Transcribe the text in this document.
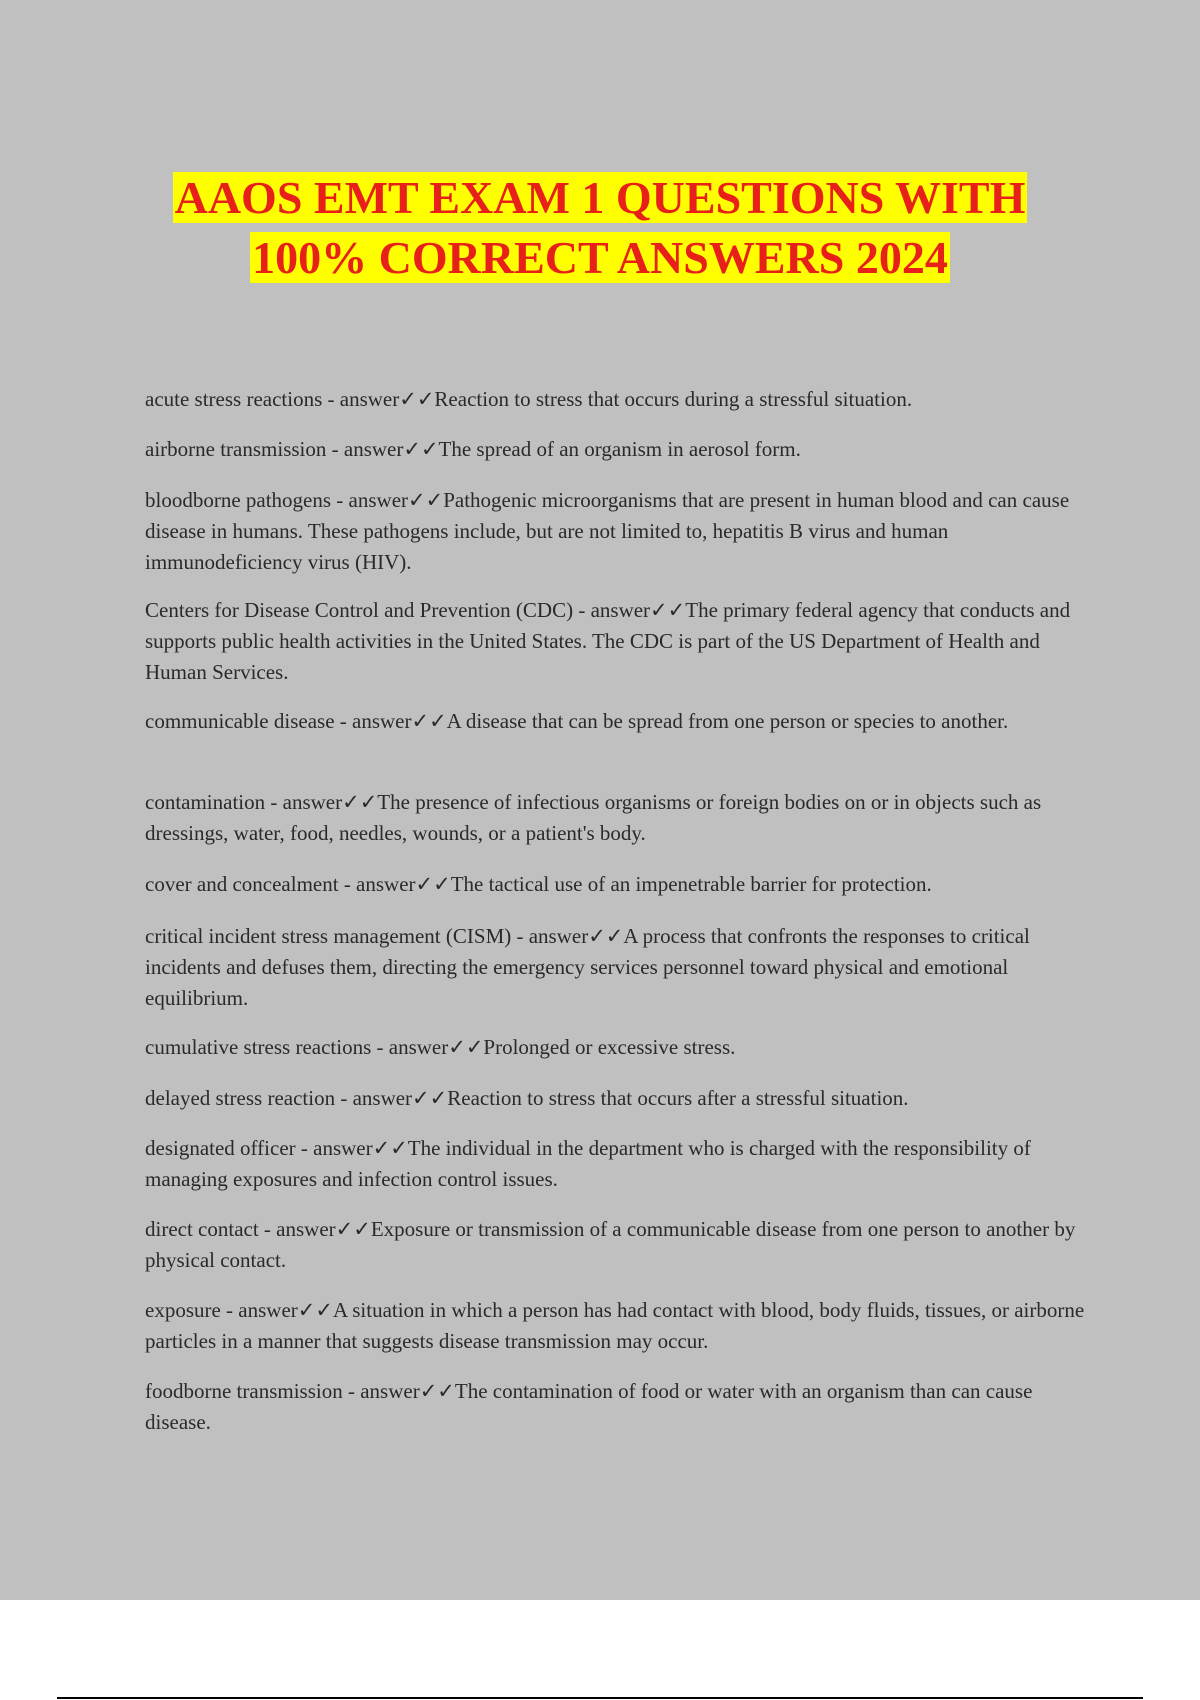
AAOS EMT EXAM 1 QUESTIONS WITH
100% CORRECT ANSWERS 2024

acute stress reactions - answer✓✓Reaction to stress that occurs during a stressful situation.

airborne transmission - answer✓✓The spread of an organism in aerosol form.

bloodborne pathogens - answer✓✓Pathogenic microorganisms that are present in human blood and can cause disease in humans. These pathogens include, but are not limited to, hepatitis B virus and human immunodeficiency virus (HIV).

Centers for Disease Control and Prevention (CDC) - answer✓✓The primary federal agency that conducts and supports public health activities in the United States. The CDC is part of the US Department of Health and Human Services.

communicable disease - answer✓✓A disease that can be spread from one person or species to another.

contamination - answer✓✓The presence of infectious organisms or foreign bodies on or in objects such as dressings, water, food, needles, wounds, or a patient's body.

cover and concealment - answer✓✓The tactical use of an impenetrable barrier for protection.

critical incident stress management (CISM) - answer✓✓A process that confronts the responses to critical incidents and defuses them, directing the emergency services personnel toward physical and emotional equilibrium.

cumulative stress reactions - answer✓✓Prolonged or excessive stress.

delayed stress reaction - answer✓✓Reaction to stress that occurs after a stressful situation.

designated officer - answer✓✓The individual in the department who is charged with the responsibility of managing exposures and infection control issues.

direct contact - answer✓✓Exposure or transmission of a communicable disease from one person to another by physical contact.

exposure - answer✓✓A situation in which a person has had contact with blood, body fluids, tissues, or airborne particles in a manner that suggests disease transmission may occur.

foodborne transmission - answer✓✓The contamination of food or water with an organism than can cause disease.
